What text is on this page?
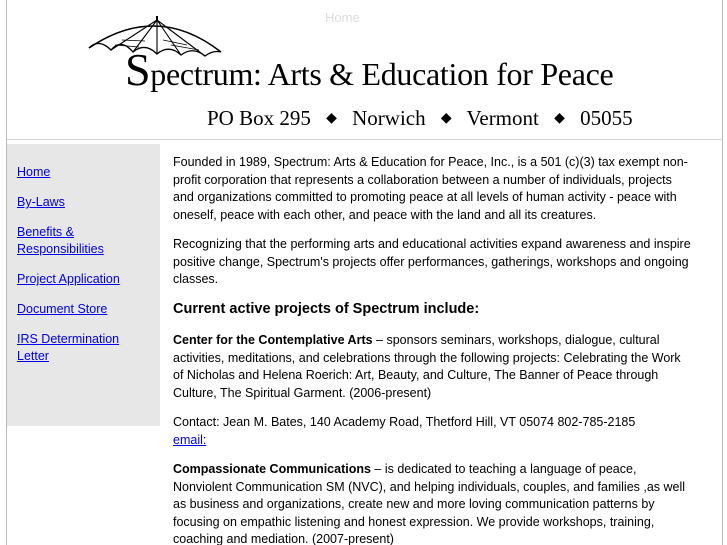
Home
Spectrum: Arts & Education for Peace
PO Box 295 ◆ Norwich ◆ Vermont ◆ 05055
Home
By-Laws
Benefits &
Responsibilities
Project Application
Document Store
IRS Determination
Letter

Founded in 1989, Spectrum: Arts & Education for Peace, Inc., is a 501 (c)(3) tax exempt non-profit corporation that represents a collaboration between a number of individuals, projects and organizations committed to promoting peace at all levels of human activity - peace with oneself, peace with each other, and peace with the land and all its creatures.

Recognizing that the performing arts and educational activities expand awareness and inspire positive change, Spectrum's projects offer performances, gatherings, workshops and ongoing classes.

Current active projects of Spectrum include:

Center for the Contemplative Arts – sponsors seminars, workshops, dialogue, cultural activities, meditations, and celebrations through the following projects: Celebrating the Work of Nicholas and Helena Roerich: Art, Beauty, and Culture, The Banner of Peace through Culture, The Spiritual Garment. (2006-present)

Contact: Jean M. Bates, 140 Academy Road, Thetford Hill, VT 05074 802-785-2185
email:

Compassionate Communications – is dedicated to teaching a language of peace, Nonviolent Communication SM (NVC), and helping individuals, couples, and families ,as well as business and organizations, create new and more loving communication patterns by focusing on empathic listening and honest expression. We provide workshops, training, coaching and mediation. (2007-present)
